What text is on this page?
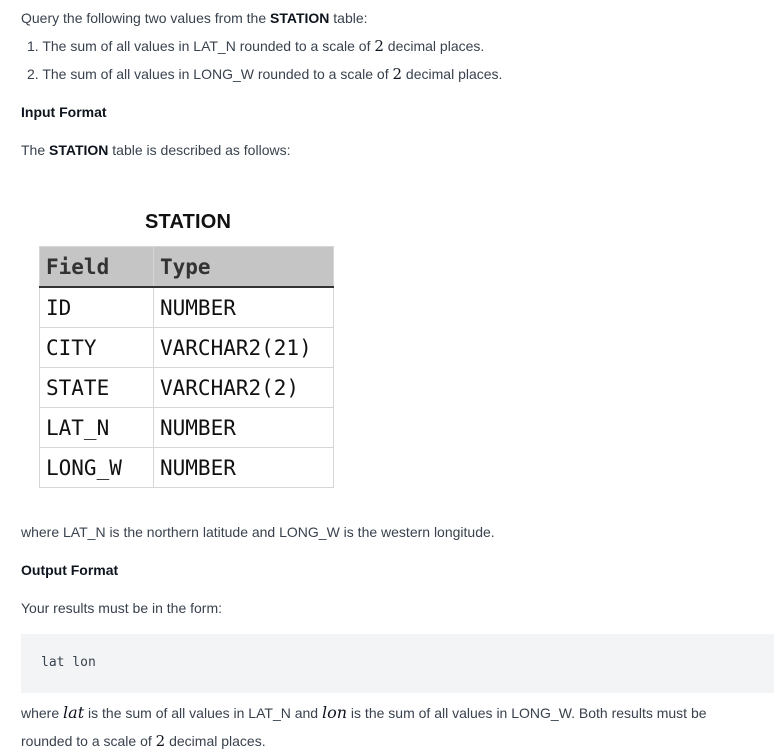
Query the following two values from the STATION table:
1. The sum of all values in LAT_N rounded to a scale of 2 decimal places.
2. The sum of all values in LONG_W rounded to a scale of 2 decimal places.
Input Format
The STATION table is described as follows:
STATION
Field	Type
ID	NUMBER
CITY	VARCHAR2(21)
STATE	VARCHAR2(2)
LAT_N	NUMBER
LONG_W	NUMBER
where LAT_N is the northern latitude and LONG_W is the western longitude.
Output Format
Your results must be in the form:
lat lon
where lat is the sum of all values in LAT_N and lon is the sum of all values in LONG_W. Both results must be
rounded to a scale of 2 decimal places.
